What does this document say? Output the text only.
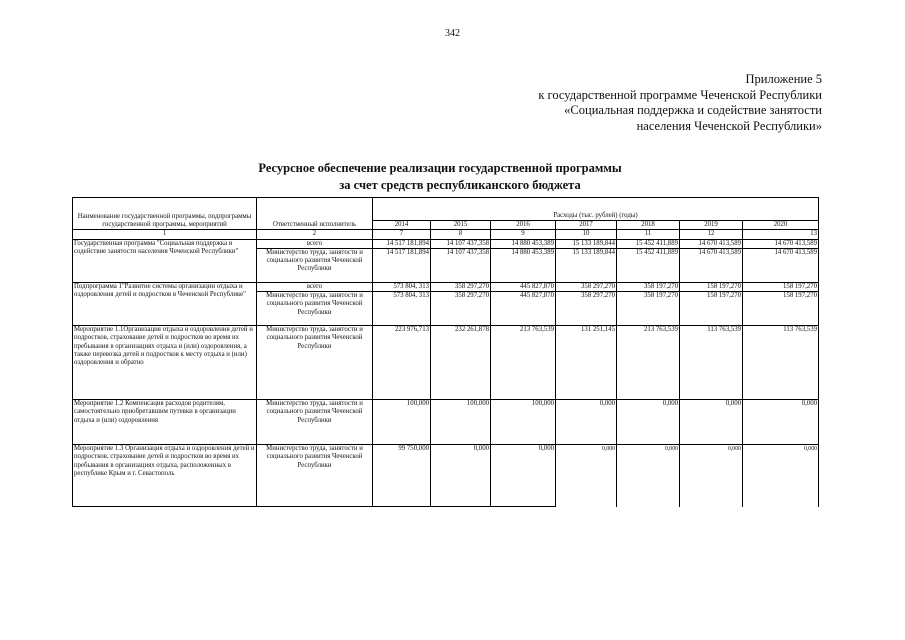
342
Приложение 5
к государственной программе Чеченской Республики
«Социальная поддержка и содействие занятости
населения Чеченской Республики»
Ресурсное обеспечение реализации государственной программы
за счет средств республиканского бюджета
Наименование государственной программы, подпрограммы государственной программы, мероприятий	Ответственный исполнитель	Расходы (тыс. рублей) (годы)						
		2014	2015	2016	2017	2018	2019	2020
1	2	7	8	9	10	11	12	13
Государственная программа "Социальная поддержка и содействие занятости населения Чеченской Республики"	всего	14 517 181,894	14 107 437,358	14 880 453,389	15 133 189,844	15 452 411,889	14 670 413,589	14 670 413,589
	Министерство труда, занятости и социального развития Чеченской Республики	14 517 181,894	14 107 437,358	14 880 453,389	15 133 189,844	15 452 411,889	14 670 413,589	14 670 413,589
Подпрограмма 1"Развитие системы организации отдыха и оздоровления детей и подростков в Чеченской Республике"	всего	573 804, 313	358 297,270	445 827,870	358 297,270	358 197,270	158 197,270	158 197,270
	Министерство труда, занятости и социального развития Чеченской Республики	573 804, 313	358 297,270	445 827,870	358 297,270	358 197,270	158 197,270	158 197,270
Мероприятие 1.1Организация отдыха и оздоровления детей и подростков, страхование детей и подростков во время их пребывания в организациях отдыха и (или) оздоровления, а также перевозка детей и подростков к месту отдыха и (или) оздоровления и обратно	Министерство труда, занятости и социального развития Чеченской Республики	223 976,713	232 261,878	213 763,539	131 251,145	213 763,539	113 763,539	113 763,539
Мероприятие 1.2 Компенсация расходов родителям, самостоятельно приобретавшим путевки в организации отдыха и (или) оздоровления	Министерство труда, занятости и социального развития Чеченской Республики	100,000	100,000	100,000	0,000	0,000	0,000	0,000
Мероприятие 1.3 Организация отдыха и оздоровления детей и подростков, страхование детей и подростков во время их пребывания в организациях отдыха, расположенных в республике Крым и г. Севастополь	Министерство труда, занятости и социального развития Чеченской Республики	99 750,000	0,000	0,000	0,000	0,000	0,000	0,000
